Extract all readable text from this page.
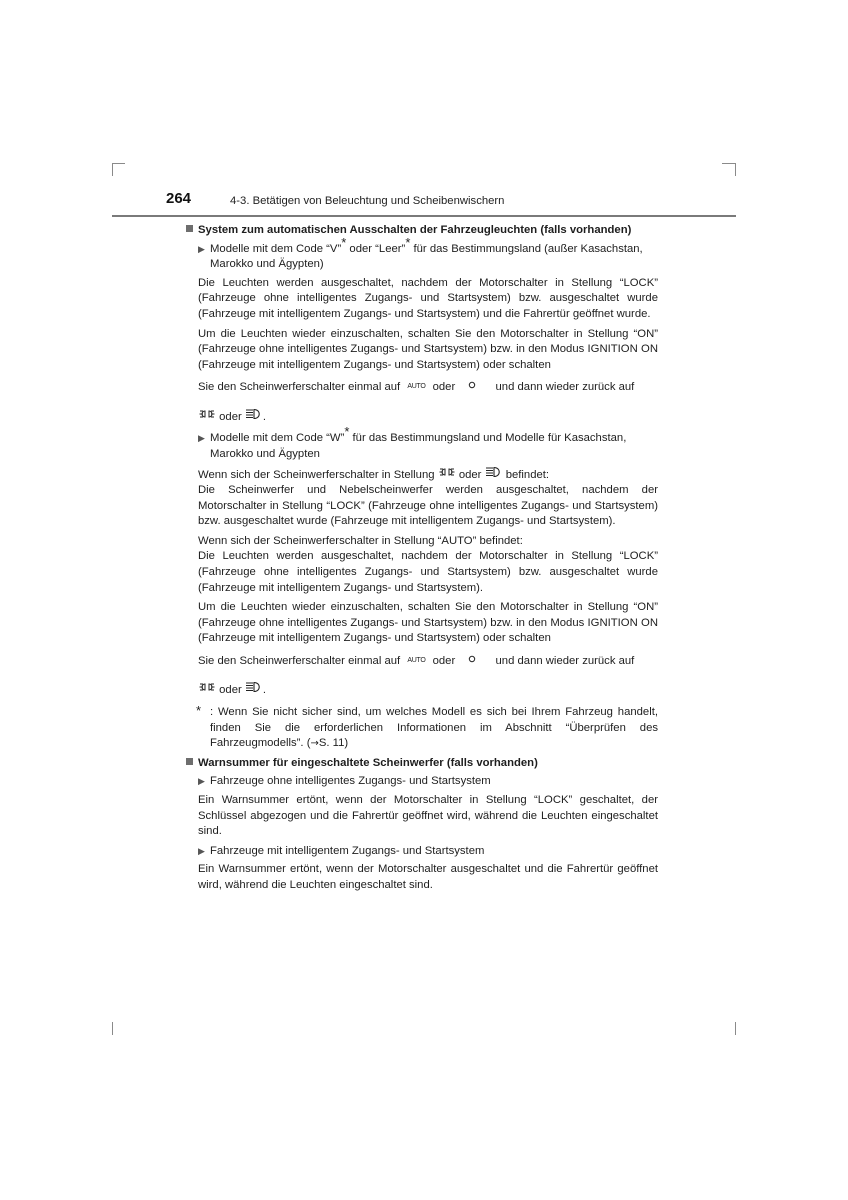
264	4-3. Betätigen von Beleuchtung und Scheibenwischern
System zum automatischen Ausschalten der Fahrzeugleuchten (falls vorhanden)
▶ Modelle mit dem Code “V”* oder “Leer”* für das Bestimmungsland (außer Kasachstan, Marokko und Ägypten)
Die Leuchten werden ausgeschaltet, nachdem der Motorschalter in Stellung “LOCK” (Fahrzeuge ohne intelligentes Zugangs- und Startsystem) bzw. ausgeschaltet wurde (Fahrzeuge mit intelligentem Zugangs- und Startsystem) und die Fahrertür geöffnet wurde.
Um die Leuchten wieder einzuschalten, schalten Sie den Motorschalter in Stellung “ON” (Fahrzeuge ohne intelligentes Zugangs- und Startsystem) bzw. in den Modus IGNITION ON (Fahrzeuge mit intelligentem Zugangs- und Startsystem) oder schalten
Sie den Scheinwerferschalter einmal auf AUTO oder	und dann wieder zurück auf
oder .
▶ Modelle mit dem Code “W”* für das Bestimmungsland und Modelle für Kasachstan, Marokko und Ägypten
Wenn sich der Scheinwerferschalter in Stellung oder befindet:
Die Scheinwerfer und Nebelscheinwerfer werden ausgeschaltet, nachdem der Motorschalter in Stellung “LOCK” (Fahrzeuge ohne intelligentes Zugangs- und Startsystem) bzw. ausgeschaltet wurde (Fahrzeuge mit intelligentem Zugangs- und Startsystem).
Wenn sich der Scheinwerferschalter in Stellung “AUTO” befindet:
Die Leuchten werden ausgeschaltet, nachdem der Motorschalter in Stellung “LOCK” (Fahrzeuge ohne intelligentes Zugangs- und Startsystem) bzw. ausgeschaltet wurde (Fahrzeuge mit intelligentem Zugangs- und Startsystem).
Um die Leuchten wieder einzuschalten, schalten Sie den Motorschalter in Stellung “ON” (Fahrzeuge ohne intelligentes Zugangs- und Startsystem) bzw. in den Modus IGNITION ON (Fahrzeuge mit intelligentem Zugangs- und Startsystem) oder schalten
Sie den Scheinwerferschalter einmal auf AUTO oder	und dann wieder zurück auf
oder .
* : Wenn Sie nicht sicher sind, um welches Modell es sich bei Ihrem Fahrzeug handelt, finden Sie die erforderlichen Informationen im Abschnitt “Überprüfen des Fahrzeugmodells”. (→S. 11)
Warnsummer für eingeschaltete Scheinwerfer (falls vorhanden)
▶ Fahrzeuge ohne intelligentes Zugangs- und Startsystem
Ein Warnsummer ertönt, wenn der Motorschalter in Stellung “LOCK” geschaltet, der Schlüssel abgezogen und die Fahrertür geöffnet wird, während die Leuchten eingeschaltet sind.
▶ Fahrzeuge mit intelligentem Zugangs- und Startsystem
Ein Warnsummer ertönt, wenn der Motorschalter ausgeschaltet und die Fahrertür geöffnet wird, während die Leuchten eingeschaltet sind.
